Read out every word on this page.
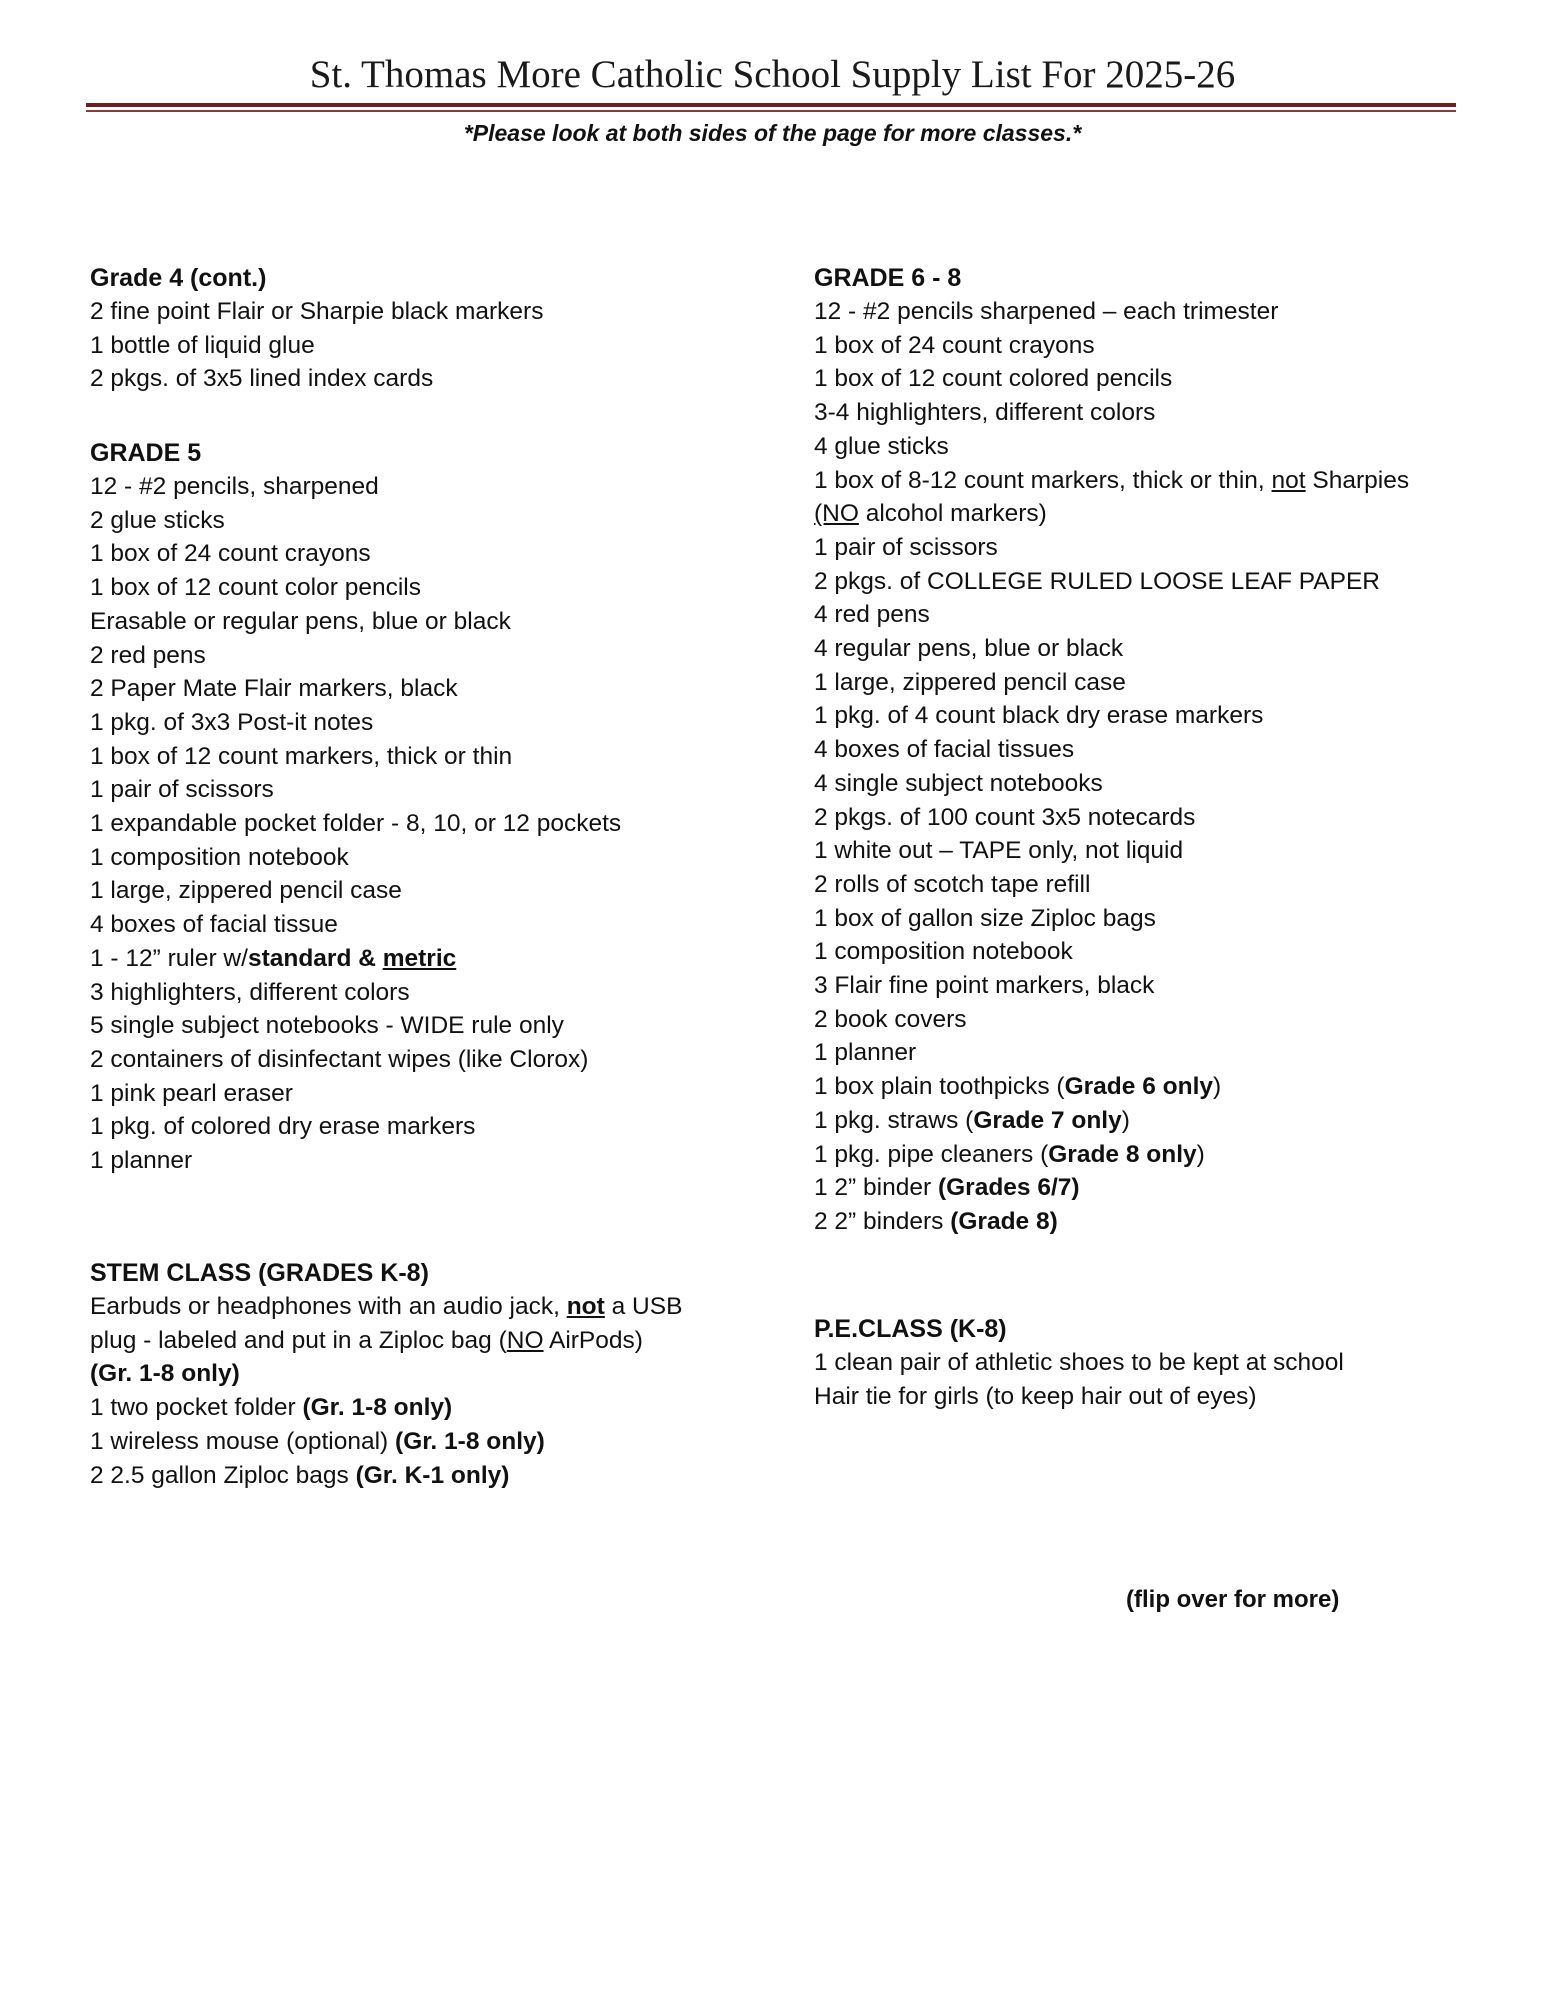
St. Thomas More Catholic School Supply List For 2025-26
*Please look at both sides of the page for more classes.*

Grade 4 (cont.)

2 fine point Flair or Sharpie black markers

1 bottle of liquid glue

2 pkgs. of 3x5 lined index cards

GRADE 5

12 - #2 pencils, sharpened

2 glue sticks

1 box of 24 count crayons

1 box of 12 count color pencils

Erasable or regular pens, blue or black

2 red pens

2 Paper Mate Flair markers, black

1 pkg. of 3x3 Post-it notes

1 box of 12 count markers, thick or thin

1 pair of scissors

1 expandable pocket folder - 8, 10, or 12 pockets

1 composition notebook

1 large, zippered pencil case

4 boxes of facial tissue

1 - 12” ruler w/standard & metric

3 highlighters, different colors

5 single subject notebooks - WIDE rule only

2 containers of disinfectant wipes (like Clorox)

1 pink pearl eraser

1 pkg. of colored dry erase markers

1 planner

STEM CLASS (GRADES K-8)

Earbuds or headphones with an audio jack, not a USB

plug - labeled and put in a Ziploc bag (NO AirPods)

(Gr. 1-8 only)

1 two pocket folder (Gr. 1-8 only)

1 wireless mouse (optional) (Gr. 1-8 only)

2 2.5 gallon Ziploc bags (Gr. K-1 only)

GRADE 6 - 8

12 - #2 pencils sharpened – each trimester

1 box of 24 count crayons

1 box of 12 count colored pencils

3-4 highlighters, different colors

4 glue sticks

1 box of 8-12 count markers, thick or thin, not Sharpies

(NO alcohol markers)

1 pair of scissors

2 pkgs. of COLLEGE RULED LOOSE LEAF PAPER

4 red pens

4 regular pens, blue or black

1 large, zippered pencil case

1 pkg. of 4 count black dry erase markers

4 boxes of facial tissues

4 single subject notebooks

2 pkgs. of 100 count 3x5 notecards

1 white out – TAPE only, not liquid

2 rolls of scotch tape refill

1 box of gallon size Ziploc bags

1 composition notebook

3 Flair fine point markers, black

2 book covers

1 planner

1 box plain toothpicks (Grade 6 only)

1 pkg. straws (Grade 7 only)

1 pkg. pipe cleaners (Grade 8 only)

1 2” binder (Grades 6/7)

2 2” binders (Grade 8)

P.E.CLASS (K-8)

1 clean pair of athletic shoes to be kept at school

Hair tie for girls (to keep hair out of eyes)

(flip over for more)
